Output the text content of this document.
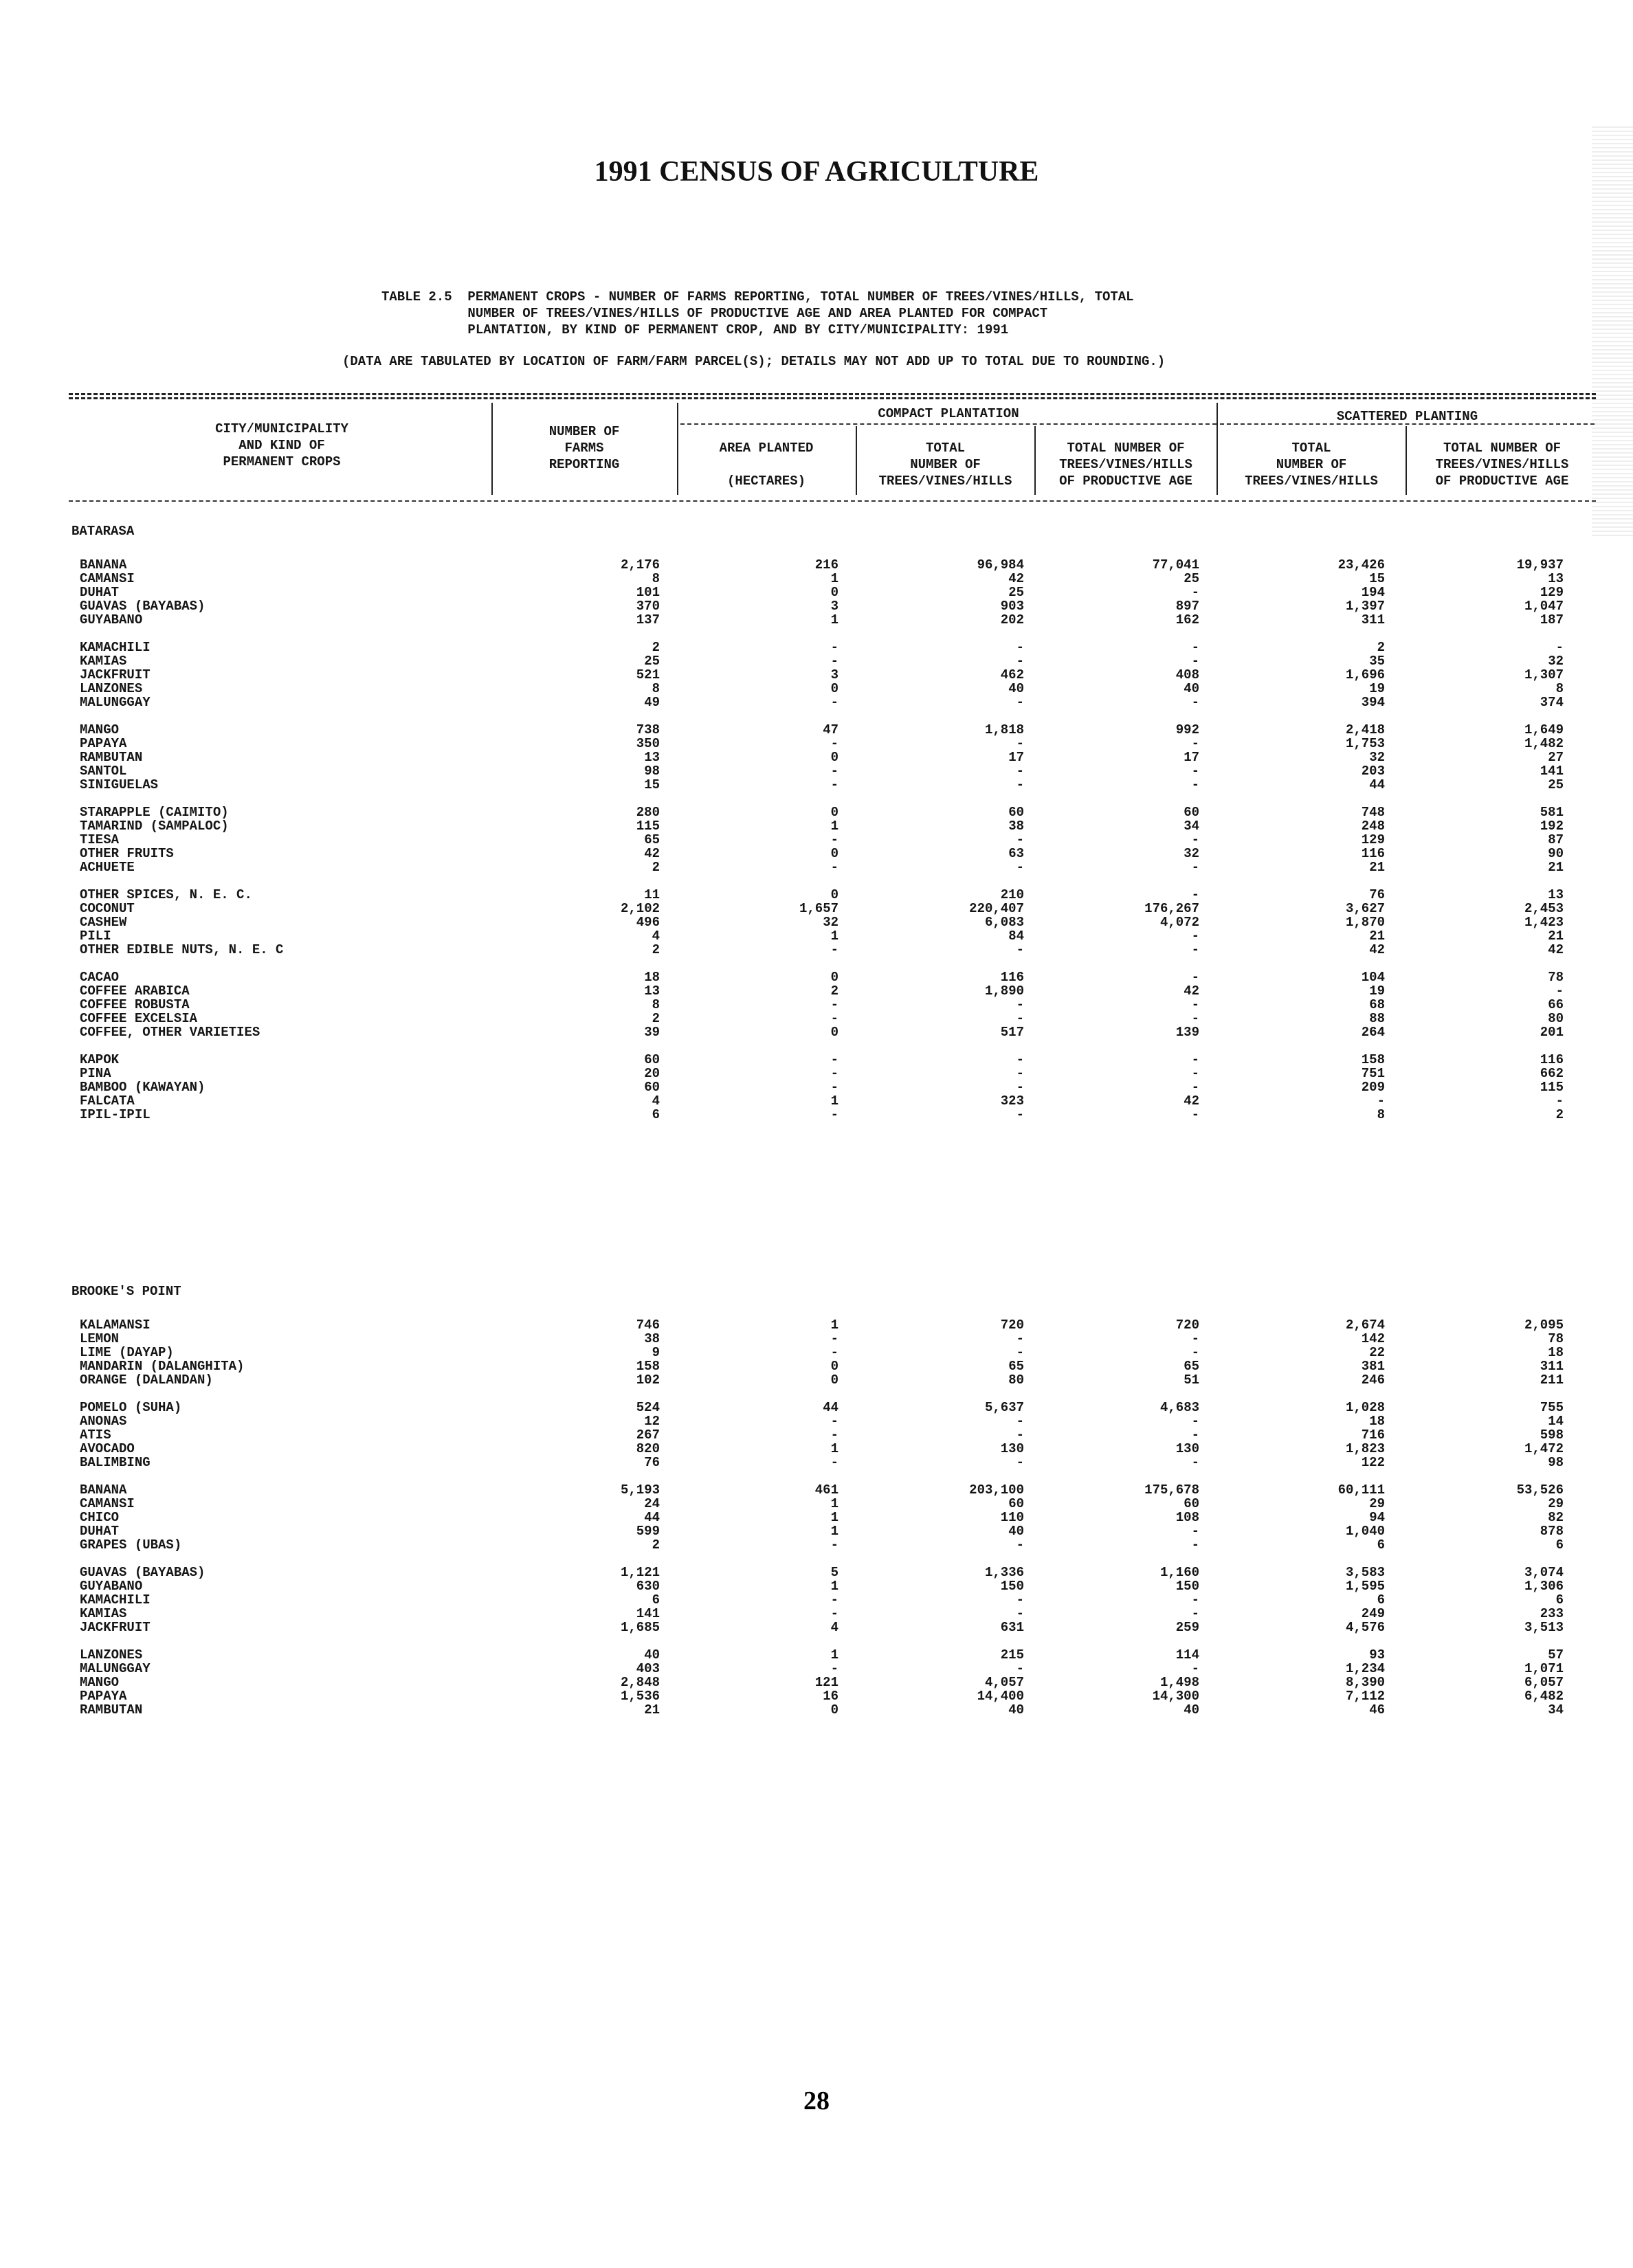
1991 CENSUS OF AGRICULTURE
TABLE 2.5  PERMANENT CROPS - NUMBER OF FARMS REPORTING, TOTAL NUMBER OF TREES/VINES/HILLS, TOTAL
NUMBER OF TREES/VINES/HILLS OF PRODUCTIVE AGE AND AREA PLANTED FOR COMPACT
PLANTATION, BY KIND OF PERMANENT CROP, AND BY CITY/MUNICIPALITY: 1991
(DATA ARE TABULATED BY LOCATION OF FARM/FARM PARCEL(S); DETAILS MAY NOT ADD UP TO TOTAL DUE TO ROUNDING.)
CITY/MUNICIPALITY
AND KIND OF
PERMANENT CROPS
NUMBER OF
FARMS
REPORTING
COMPACT PLANTATION	SCATTERED PLANTING
AREA PLANTED

(HECTARES)
TOTAL
NUMBER OF
TREES/VINES/HILLS
TOTAL NUMBER OF
TREES/VINES/HILLS
OF PRODUCTIVE AGE
TOTAL
NUMBER OF
TREES/VINES/HILLS
TOTAL NUMBER OF
TREES/VINES/HILLS
OF PRODUCTIVE AGE
BATARASA
BANANA
CAMANSI
DUHAT
GUAVAS (BAYABAS)
GUYABANO

KAMACHILI
KAMIAS
JACKFRUIT
LANZONES
MALUNGGAY

MANGO
PAPAYA
RAMBUTAN
SANTOL
SINIGUELAS

STARAPPLE (CAIMITO)
TAMARIND (SAMPALOC)
TIESA
OTHER FRUITS
ACHUETE

OTHER SPICES, N. E. C.
COCONUT
CASHEW
PILI
OTHER EDIBLE NUTS, N. E. C

CACAO
COFFEE ARABICA
COFFEE ROBUSTA
COFFEE EXCELSIA
COFFEE, OTHER VARIETIES

KAPOK
PINA
BAMBOO (KAWAYAN)
FALCATA
IPIL-IPIL
2,176
8
101
370
137

2
25
521
8
49

738
350
13
98
15

280
115
65
42
2

11
2,102
496
4
2

18
13
8
2
39

60
20
60
4
6
216
1
0
3
1

-
-
3
0
-

47
-
0
-
-

0
1
-
0
-

0
1,657
32
1
-

0
2
-
-
0

-
-
-
1
-
96,984
42
25
903
202

-
-
462
40
-

1,818
-
17
-
-

60
38
-
63
-

210
220,407
6,083
84
-

116
1,890
-
-
517

-
-
-
323
-
77,041
25
-
897
162

-
-
408
40
-

992
-
17
-
-

60
34
-
32
-

-
176,267
4,072
-
-

-
42
-
-
139

-
-
-
42
-
23,426
15
194
1,397
311

2
35
1,696
19
394

2,418
1,753
32
203
44

748
248
129
116
21

76
3,627
1,870
21
42

104
19
68
88
264

158
751
209
-
8
19,937
13
129
1,047
187

-
32
1,307
8
374

1,649
1,482
27
141
25

581
192
87
90
21

13
2,453
1,423
21
42

78
-
66
80
201

116
662
115
-
2
BROOKE'S POINT
KALAMANSI
LEMON
LIME (DAYAP)
MANDARIN (DALANGHITA)
ORANGE (DALANDAN)

POMELO (SUHA)
ANONAS
ATIS
AVOCADO
BALIMBING

BANANA
CAMANSI
CHICO
DUHAT
GRAPES (UBAS)

GUAVAS (BAYABAS)
GUYABANO
KAMACHILI
KAMIAS
JACKFRUIT

LANZONES
MALUNGGAY
MANGO
PAPAYA
RAMBUTAN
746
38
9
158
102

524
12
267
820
76

5,193
24
44
599
2

1,121
630
6
141
1,685

40
403
2,848
1,536
21
1
-
-
0
0

44
-
-
1
-

461
1
1
1
-

5
1
-
-
4

1
-
121
16
0
720
-
-
65
80

5,637
-
-
130
-

203,100
60
110
40
-

1,336
150
-
-
631

215
-
4,057
14,400
40
720
-
-
65
51

4,683
-
-
130
-

175,678
60
108
-
-

1,160
150
-
-
259

114
-
1,498
14,300
40
2,674
142
22
381
246

1,028
18
716
1,823
122

60,111
29
94
1,040
6

3,583
1,595
6
249
4,576

93
1,234
8,390
7,112
46
2,095
78
18
311
211

755
14
598
1,472
98

53,526
29
82
878
6

3,074
1,306
6
233
3,513

57
1,071
6,057
6,482
34
28
